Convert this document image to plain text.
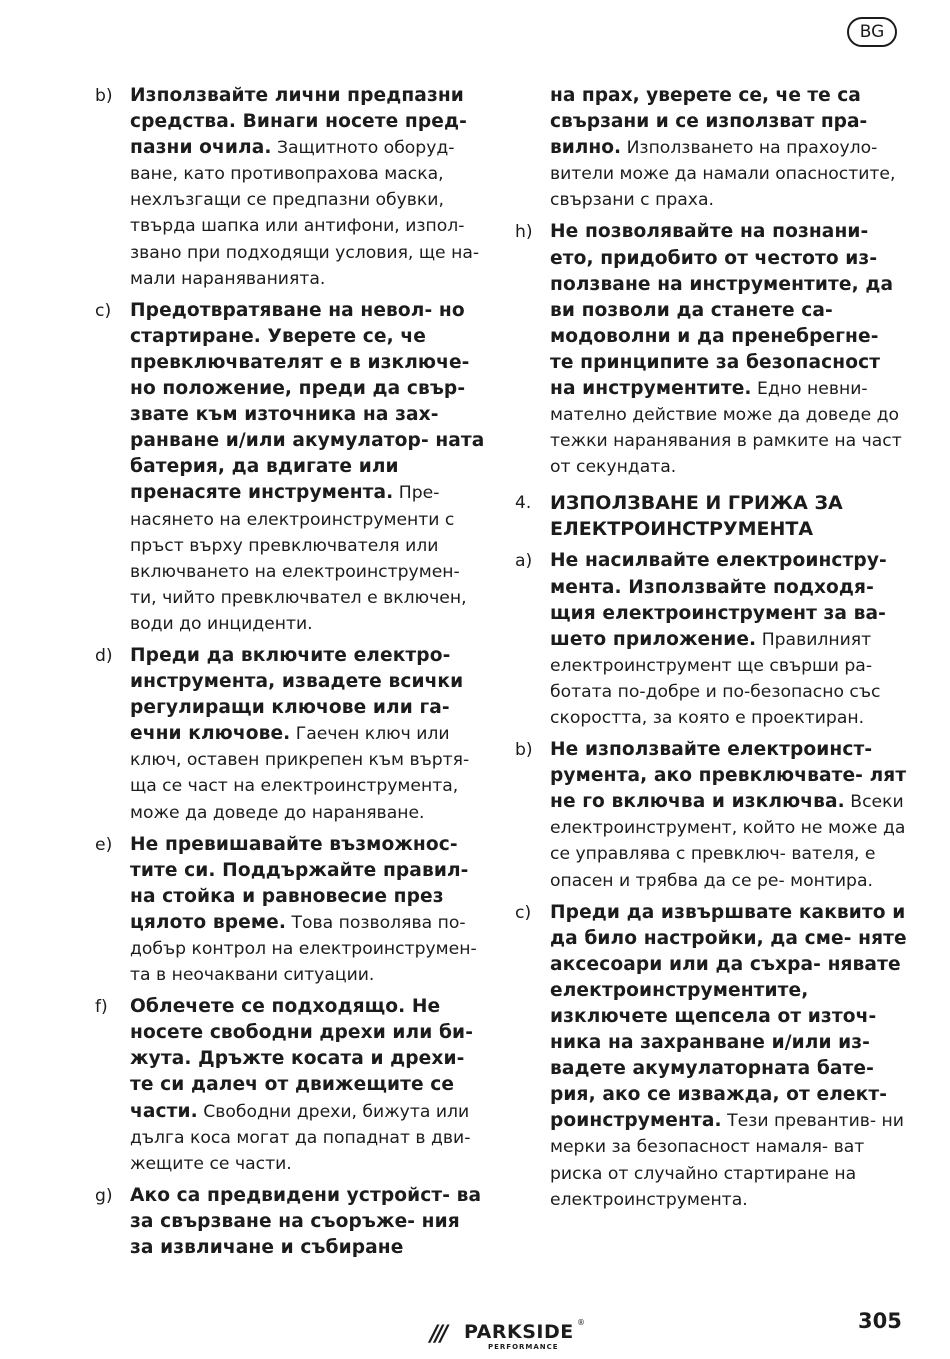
BG
b) Използвайте лични предпазни средства. Винаги носете пред- пазни очила. Защитното оборуд- ване, като противопрахова маска, нехлъзгащи се предпазни обувки, твърда шапка или антифони, изпол- звано при подходящи условия, ще на- мали нараняванията.
c)	Предотвратяване на невол- но стартиране. Уверете се, че превключвателят е в изключе- но положение, преди да свър- звате към източника на зах- ранване и/или акумулатор- ната батерия, да вдигате или пренасяте инструмента. Пре- насянето на електроинструменти с пръст върху превключвателя или включването на електроинструмен- ти, чийто превключвател е включен, води до инциденти.
d) Преди да включите електро- инструмента, извадете всички регулиращи ключове или га- ечни ключове. Гаечен ключ или ключ, оставен прикрепен към въртя- ща се част на електроинструмента, може да доведе до нараняване.
e) Не превишавайте възможнос- тите си. Поддържайте правил- на стойка и равновесие през цялото време. Това позволява по- добър контрол на електроинструмен- та в неочаквани ситуации.
f)	Облечете се подходящо. Не носете свободни дрехи или би- жута. Дръжте косата и дрехи- те си далеч от движещите се части. Свободни дрехи, бижута или дълга коса могат да попаднат в дви- жещите се части.
g) Ако са предвидени устройст- ва за свързване на съоръже- ния за извличане и събиране
на прах, уверете се, че те са свързани и се използват пра- вилно. Използването на прахоуло- вители може да намали опасностите, свързани с праха.
h) Не позволявайте на познани- ето, придобито от честото из- ползване на инструментите, да ви позволи да станете са- модоволни и да пренебрегне- те принципите за безопасност на инструментите. Едно невни- мателно действие може да доведе до тежки наранявания в рамките на част от секундата.
4. ИЗПОЛЗВАНЕ И ГРИЖА ЗА ЕЛЕКТРОИНСТРУМЕНТА
a) Не насилвайте електроинстру- мента. Използвайте подходя- щия електроинструмент за ва- шето приложение. Правилният електроинструмент ще свърши ра- ботата по-добре и по-безопасно със скоростта, за която е проектиран.
b) Не използвайте електроинст- румента, ако превключвате- лят не го включва и изключва. Всеки електроинструмент, който не може да се управлява с превключ- вателя, е опасен и трябва да се ре- монтира.
c)	Преди да извършвате каквито и да било настройки, да сме- няте аксесоари или да съхра- нявате електроинструментите, изключете щепсела от източ- ника на захранване и/или из- вадете акумулаторната бате- рия, ако се изважда, от елект- роинструмента. Тези превантив- ни мерки за безопасност намаля- ват риска от случайно стартиране на електроинструмента.
/// PARKSIDE ®
PERFORMANCE
305
